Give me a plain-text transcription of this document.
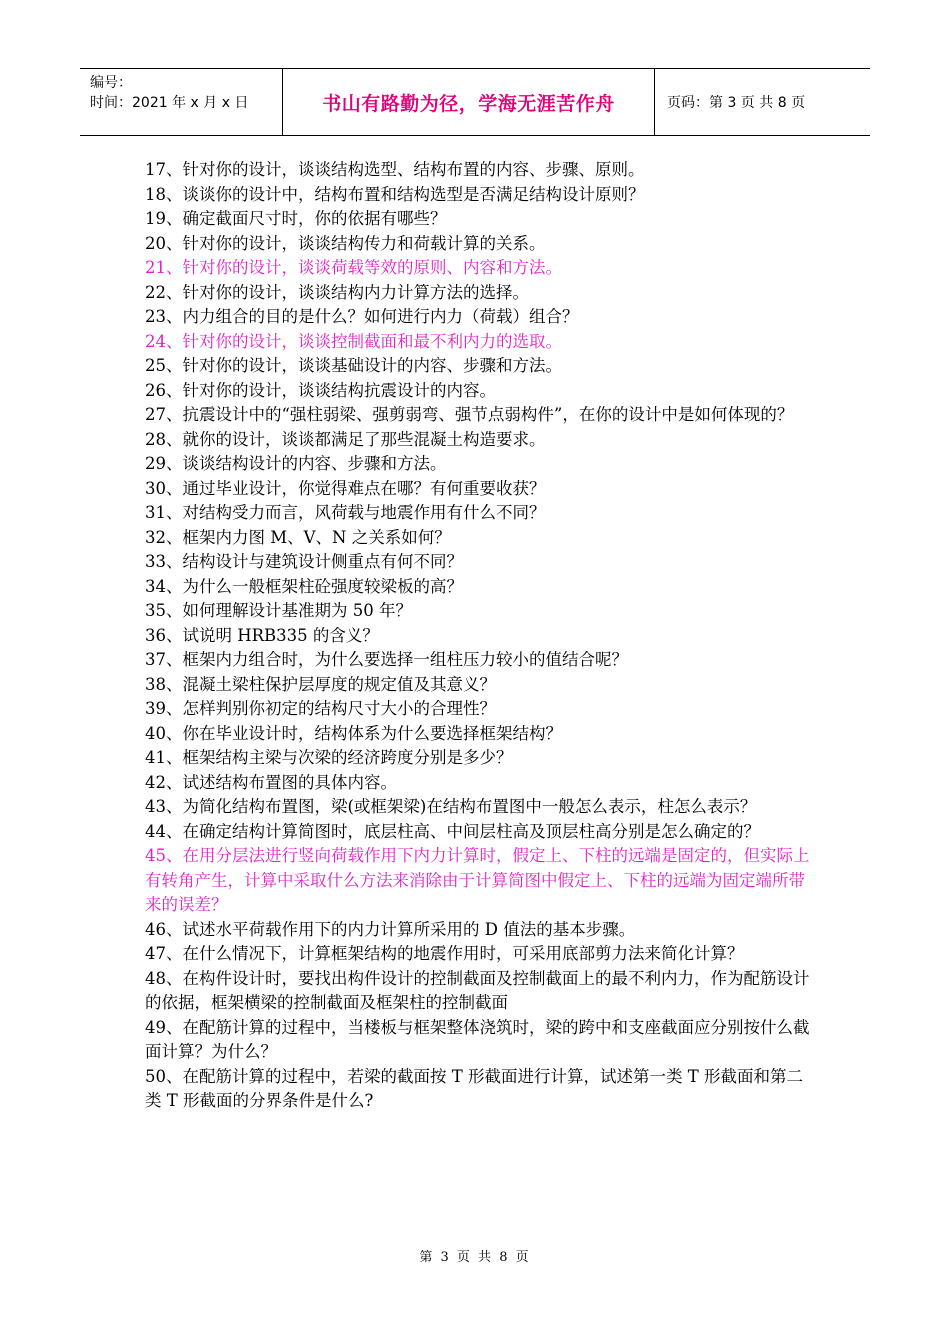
编号：
时间：2021 年 x 月 x 日	书山有路勤为径，学海无涯苦作舟	页码：第 3 页 共 8 页

17、针对你的设计，谈谈结构选型、结构布置的内容、步骤、原则。

18、谈谈你的设计中，结构布置和结构选型是否满足结构设计原则？

19、确定截面尺寸时，你的依据有哪些？

20、针对你的设计，谈谈结构传力和荷载计算的关系。

21、针对你的设计，谈谈荷载等效的原则、内容和方法。

22、针对你的设计，谈谈结构内力计算方法的选择。

23、内力组合的目的是什么？如何进行内力（荷载）组合？

24、针对你的设计，谈谈控制截面和最不利内力的选取。

25、针对你的设计，谈谈基础设计的内容、步骤和方法。

26、针对你的设计，谈谈结构抗震设计的内容。

27、抗震设计中的“强柱弱梁、强剪弱弯、强节点弱构件”，在你的设计中是如何体现的？

28、就你的设计，谈谈都满足了那些混凝土构造要求。

29、谈谈结构设计的内容、步骤和方法。

30、通过毕业设计，你觉得难点在哪？有何重要收获？

31、对结构受力而言，风荷载与地震作用有什么不同？

32、框架内力图 M、V、N 之关系如何？

33、结构设计与建筑设计侧重点有何不同？

34、为什么一般框架柱砼强度较梁板的高？

35、如何理解设计基准期为 50 年？

36、试说明 HRB335 的含义？

37、框架内力组合时，为什么要选择一组柱压力较小的值结合呢？

38、混凝土梁柱保护层厚度的规定值及其意义？

39、怎样判别你初定的结构尺寸大小的合理性？

40、你在毕业设计时，结构体系为什么要选择框架结构？

41、框架结构主梁与次梁的经济跨度分别是多少？

42、试述结构布置图的具体内容。

43、为简化结构布置图，梁(或框架梁)在结构布置图中一般怎么表示，柱怎么表示？

44、在确定结构计算简图时，底层柱高、中间层柱高及顶层柱高分别是怎么确定的？

45、在用分层法进行竖向荷载作用下内力计算时，假定上、下柱的远端是固定的，但实际上有转角产生，计算中采取什么方法来消除由于计算简图中假定上、下柱的远端为固定端所带来的误差？

46、试述水平荷载作用下的内力计算所采用的 D 值法的基本步骤。

47、在什么情况下，计算框架结构的地震作用时，可采用底部剪力法来简化计算？

48、在构件设计时，要找出构件设计的控制截面及控制截面上的最不利内力，作为配筋设计的依据，框架横梁的控制截面及框架柱的控制截面

49、在配筋计算的过程中，当楼板与框架整体浇筑时，梁的跨中和支座截面应分别按什么截面计算？为什么？

50、在配筋计算的过程中，若梁的截面按 T 形截面进行计算，试述第一类 T 形截面和第二类 T 形截面的分界条件是什么?

第 3 页 共 8 页
